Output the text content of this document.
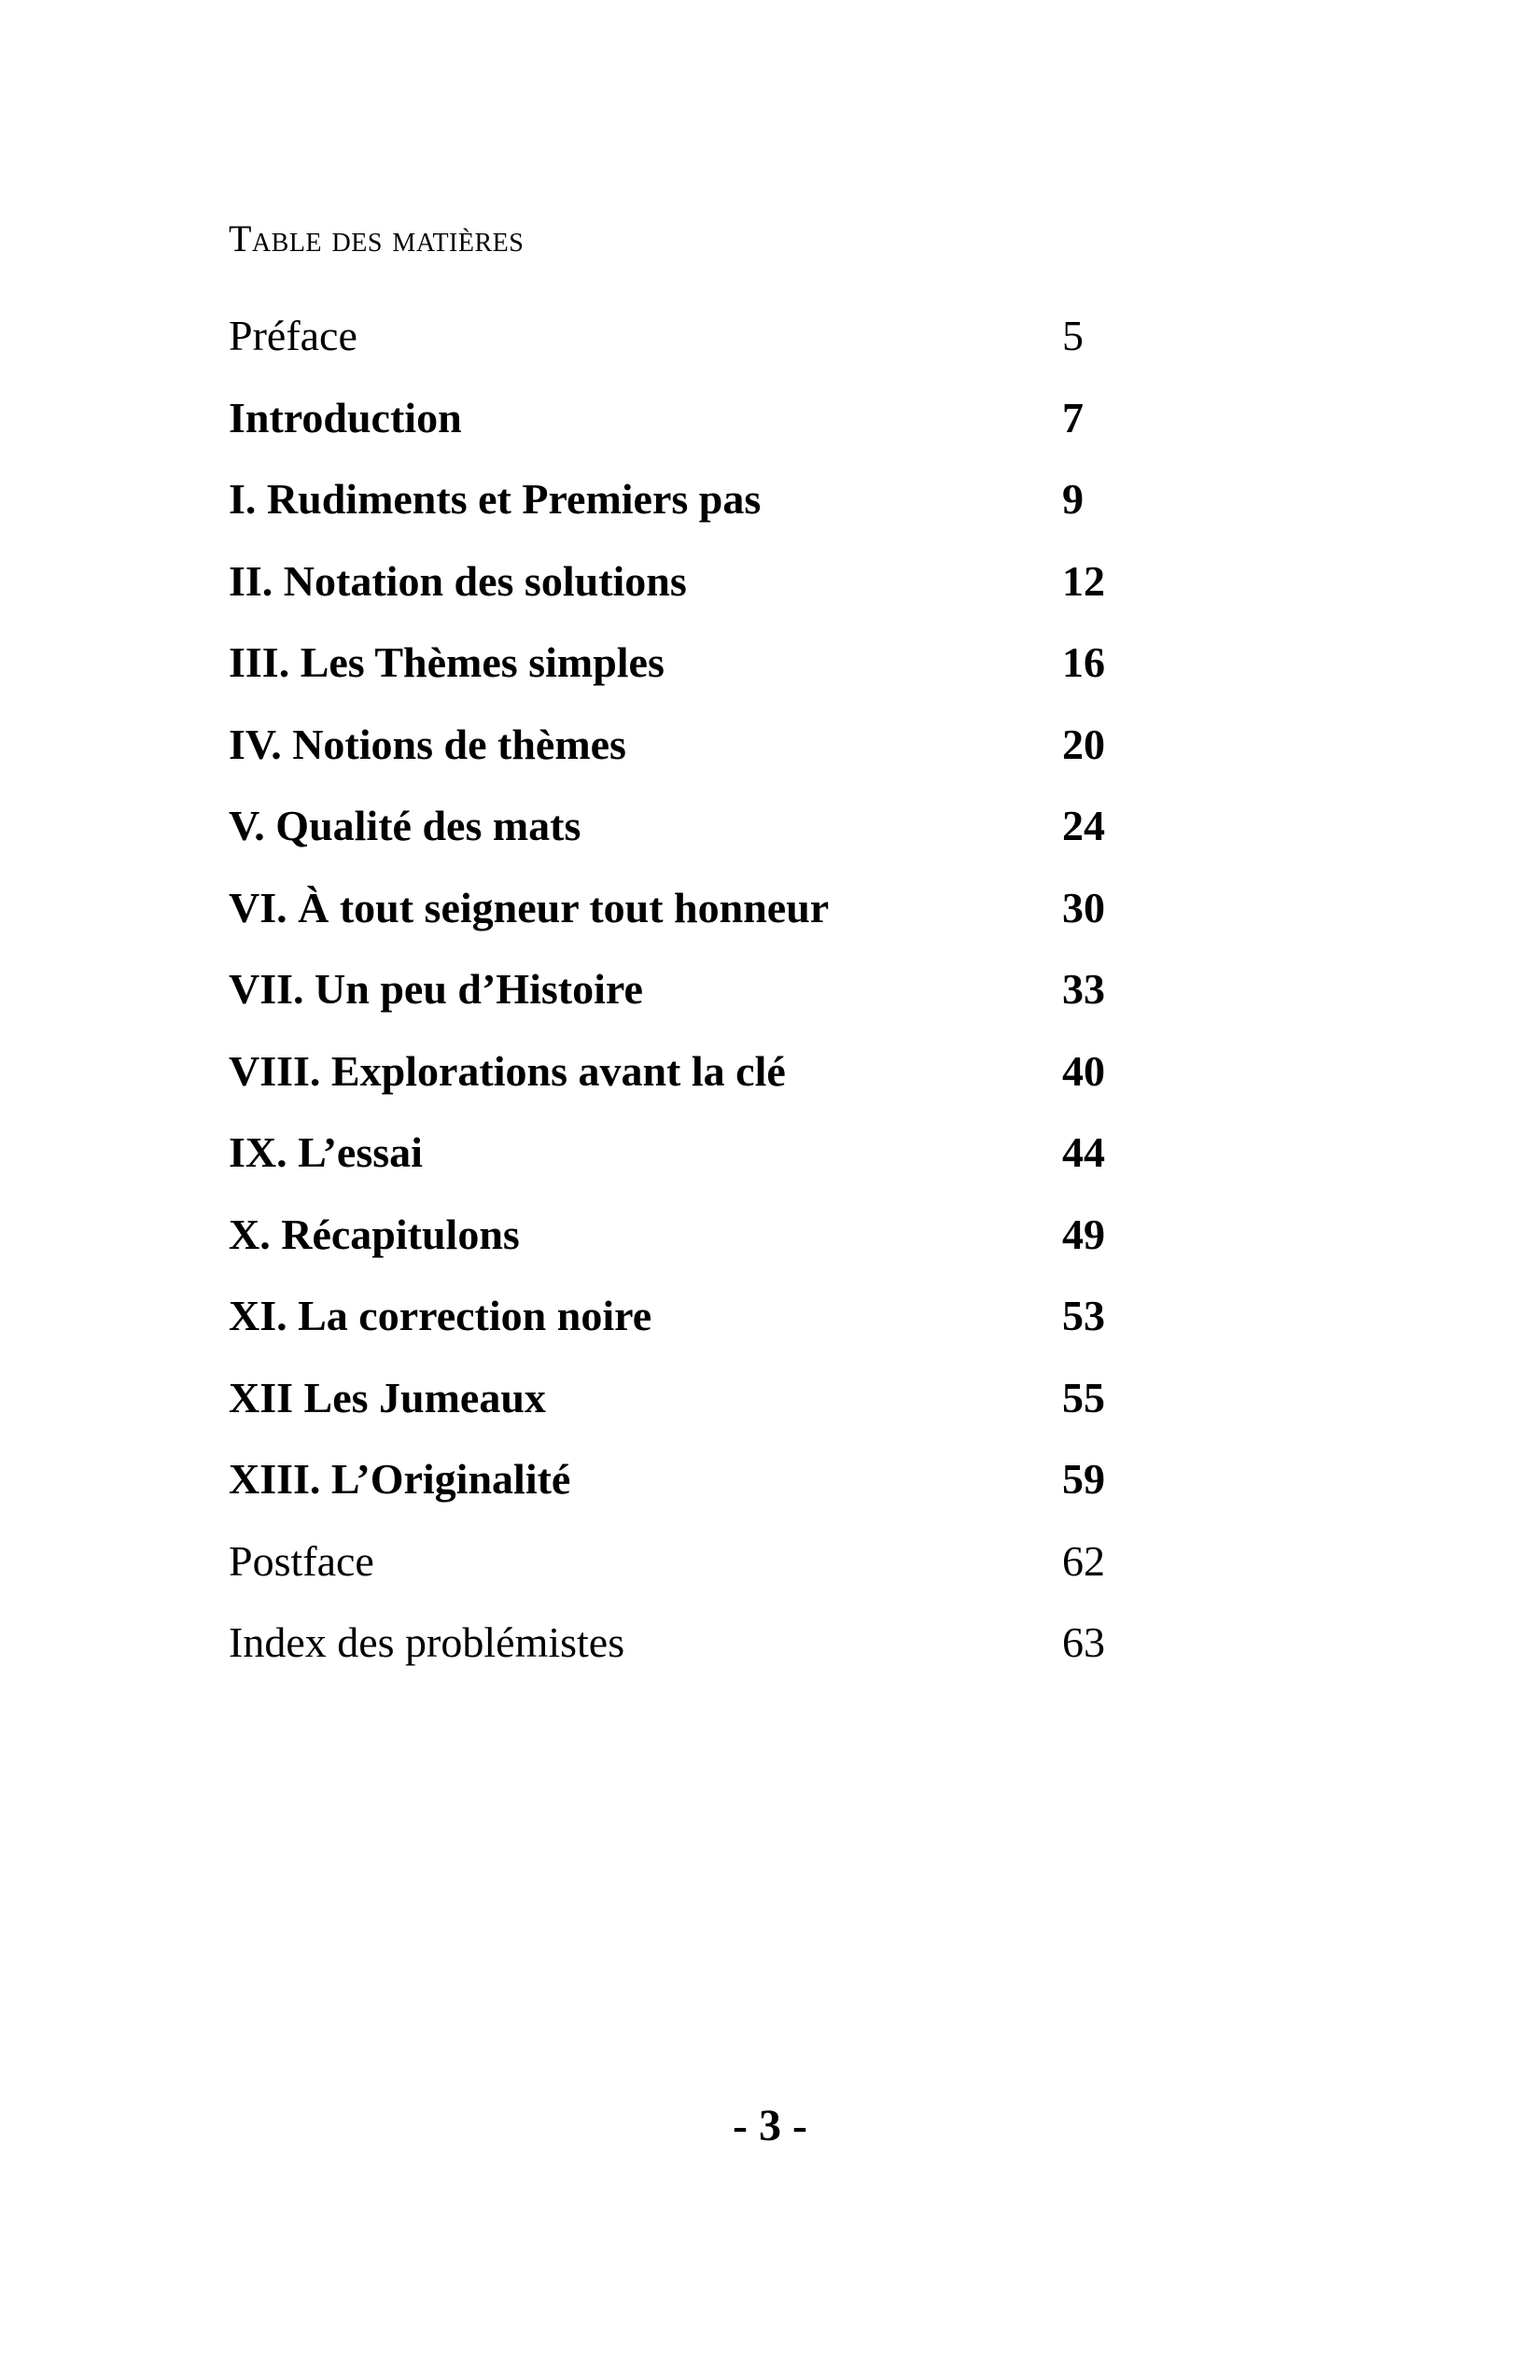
Table des matières
Préface	5
Introduction	7
I. Rudiments et Premiers pas	9
II. Notation des solutions	12
III. Les Thèmes simples	16
IV. Notions de thèmes	20
V. Qualité des mats	24
VI. À tout seigneur tout honneur	30
VII. Un peu d’Histoire	33
VIII. Explorations avant la clé	40
IX. L’essai	44
X. Récapitulons	49
XI. La correction noire	53
XII Les Jumeaux	55
XIII. L’Originalité	59
Postface	62
Index des problémistes	63
- 3 -
